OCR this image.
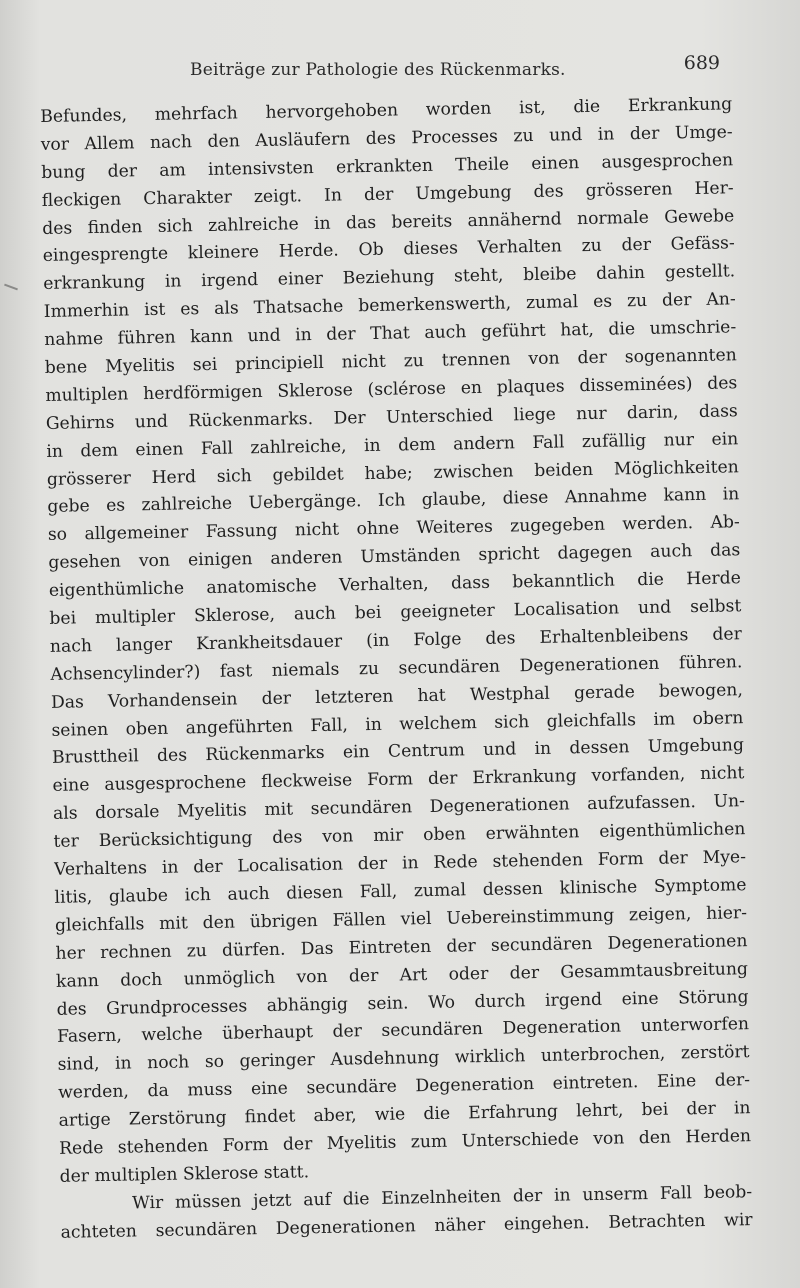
Beiträge zur Pathologie des Rückenmarks.	689
Befundes, mehrfach hervorgehoben worden ist, die Erkrankung
vor Allem nach den Ausläufern des Processes zu und in der Umge-
bung der am intensivsten erkrankten Theile einen ausgesprochen
fleckigen Charakter zeigt. In der Umgebung des grösseren Her-
des finden sich zahlreiche in das bereits annähernd normale Gewebe
eingesprengte kleinere Herde. Ob dieses Verhalten zu der Gefäss-
erkrankung in irgend einer Beziehung steht, bleibe dahin gestellt.
Immerhin ist es als Thatsache bemerkenswerth, zumal es zu der An-
nahme führen kann und in der That auch geführt hat, die umschrie-
bene Myelitis sei principiell nicht zu trennen von der sogenannten
multiplen herdförmigen Sklerose (sclérose en plaques disseminées) des
Gehirns und Rückenmarks. Der Unterschied liege nur darin, dass
in dem einen Fall zahlreiche, in dem andern Fall zufällig nur ein
grösserer Herd sich gebildet habe; zwischen beiden Möglichkeiten
gebe es zahlreiche Uebergänge. Ich glaube, diese Annahme kann in
so allgemeiner Fassung nicht ohne Weiteres zugegeben werden. Ab-
gesehen von einigen anderen Umständen spricht dagegen auch das
eigenthümliche anatomische Verhalten, dass bekanntlich die Herde
bei multipler Sklerose, auch bei geeigneter Localisation und selbst
nach langer Krankheitsdauer (in Folge des Erhaltenbleibens der
Achsencylinder?) fast niemals zu secundären Degenerationen führen.
Das Vorhandensein der letzteren hat Westphal gerade bewogen,
seinen oben angeführten Fall, in welchem sich gleichfalls im obern
Brusttheil des Rückenmarks ein Centrum und in dessen Umgebung
eine ausgesprochene fleckweise Form der Erkrankung vorfanden, nicht
als dorsale Myelitis mit secundären Degenerationen aufzufassen. Un-
ter Berücksichtigung des von mir oben erwähnten eigenthümlichen
Verhaltens in der Localisation der in Rede stehenden Form der Mye-
litis, glaube ich auch diesen Fall, zumal dessen klinische Symptome
gleichfalls mit den übrigen Fällen viel Uebereinstimmung zeigen, hier-
her rechnen zu dürfen. Das Eintreten der secundären Degenerationen
kann doch unmöglich von der Art oder der Gesammtausbreitung
des Grundprocesses abhängig sein. Wo durch irgend eine Störung
Fasern, welche überhaupt der secundären Degeneration unterworfen
sind, in noch so geringer Ausdehnung wirklich unterbrochen, zerstört
werden, da muss eine secundäre Degeneration eintreten. Eine der-
artige Zerstörung findet aber, wie die Erfahrung lehrt, bei der in
Rede stehenden Form der Myelitis zum Unterschiede von den Herden
der multiplen Sklerose statt.
Wir müssen jetzt auf die Einzelnheiten der in unserm Fall beob-
achteten secundären Degenerationen näher eingehen. Betrachten wir
